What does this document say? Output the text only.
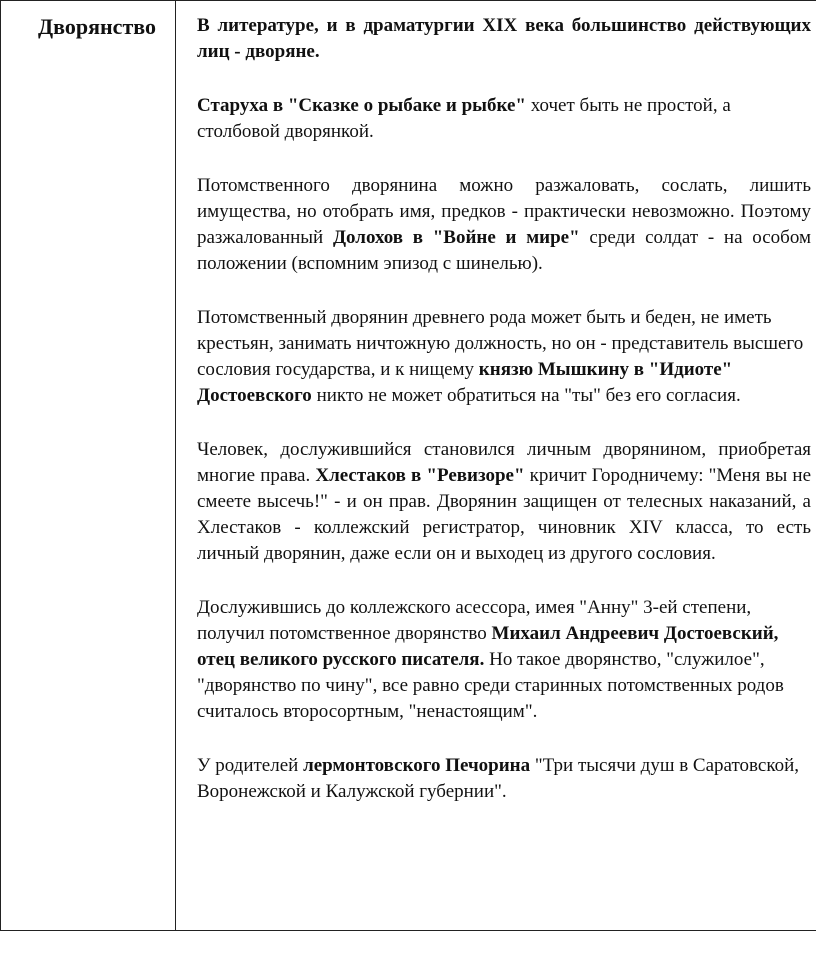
Дворянство В литературе, и в драматургии XIX века большинство действующих лиц - дворяне.

Старуха в "Сказке о рыбаке и рыбке" хочет быть не простой, а столбовой дворянкой.

Потомственного дворянина можно разжаловать, сослать, лишить имущества, но отобрать имя, предков - практически невозможно. Поэтому разжалованный Долохов в "Войне и мире" среди солдат - на особом положении (вспомним эпизод с шинелью).

Потомственный дворянин древнего рода может быть и беден, не иметь крестьян, занимать ничтожную должность, но он - представитель высшего сословия государства, и к нищему князю Мышкину в "Идиоте" Достоевского никто не может обратиться на "ты" без его согласия.

Человек, дослужившийся становился личным дворянином, приобретая многие права. Хлестаков в "Ревизоре" кричит Городничему: "Меня вы не смеете высечь!" - и он прав. Дворянин защищен от телесных наказаний, а Хлестаков - коллежский регистратор, чиновник XIV класса, то есть личный дворянин, даже если он и выходец из другого сословия.

Дослужившись до коллежского асессора, имея "Анну" 3-ей степени, получил потомственное дворянство Михаил Андреевич Достоевский, отец великого русского писателя. Но такое дворянство, "служилое", "дворянство по чину", все равно среди старинных потомственных родов считалось второсортным, "ненастоящим".

У родителей лермонтовского Печорина "Три тысячи душ в Саратовской, Воронежской и Калужской губернии".
